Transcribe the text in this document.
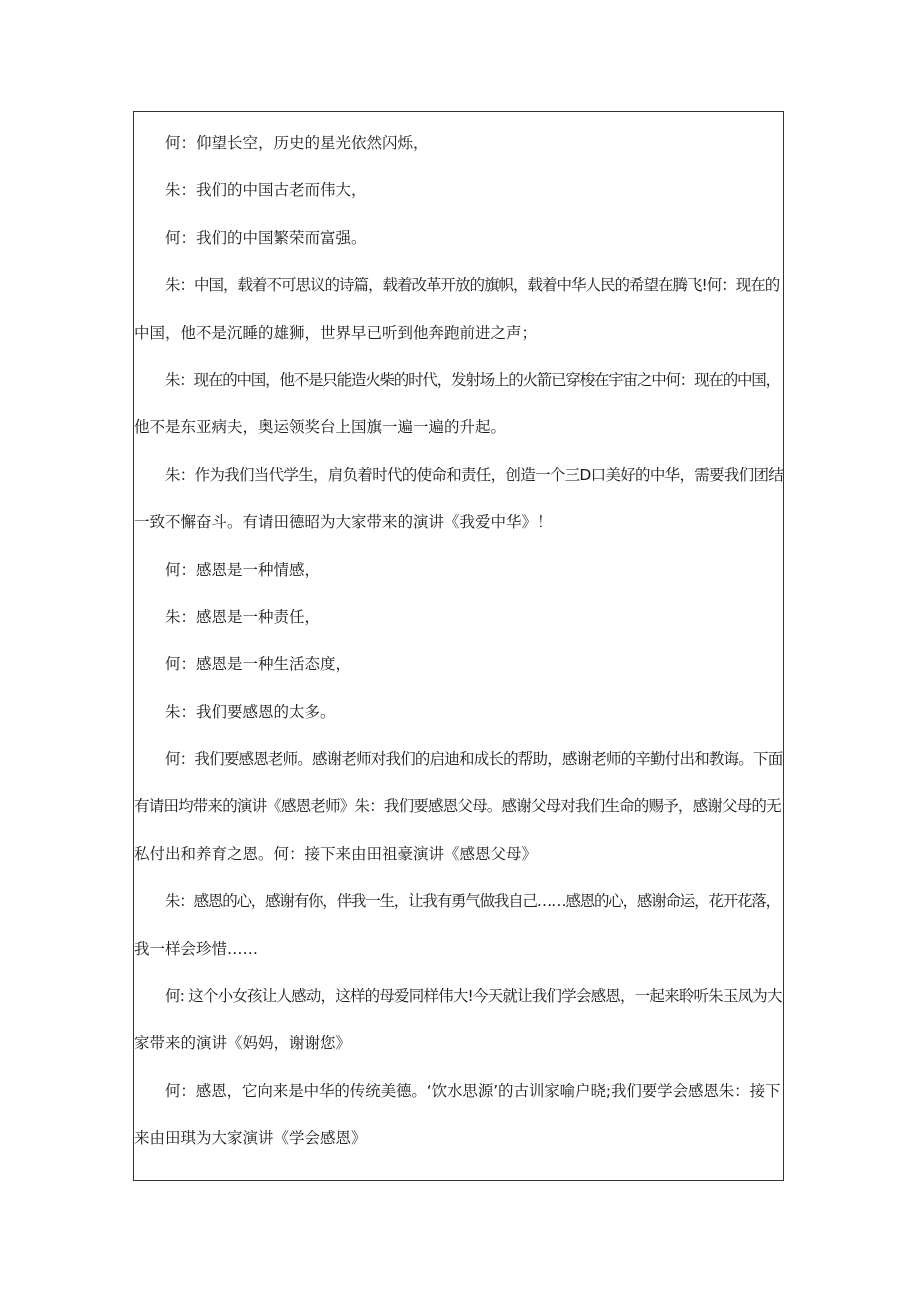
何：仰望长空，历史的星光依然闪烁，

朱：我们的中国古老而伟大，

何：我们的中国繁荣而富强。

朱：中国，载着不可思议的诗篇，载着改革开放的旗帜，载着中华人民的希望在腾飞!何：现在的

中国，他不是沉睡的雄狮，世界早已听到他奔跑前进之声；

朱：现在的中国，他不是只能造火柴的时代，发射场上的火箭已穿梭在宇宙之中何：现在的中国，

他不是东亚病夫，奥运领奖台上国旗一遍一遍的升起。

朱：作为我们当代学生，肩负着时代的使命和责任，创造一个三D口美好的中华，需要我们团结

一致不懈奋斗。有请田德昭为大家带来的演讲《我爱中华》！

何：感恩是一种情感，

朱：感恩是一种责任，

何：感恩是一种生活态度，

朱：我们要感恩的太多。

何：我们要感恩老师。感谢老师对我们的启迪和成长的帮助，感谢老师的辛勤付出和教诲。下面

有请田均带来的演讲《感恩老师》朱：我们要感恩父母。感谢父母对我们生命的赐予，感谢父母的无

私付出和养育之恩。何：接下来由田祖豪演讲《感恩父母》

朱：感恩的心，感谢有你，伴我一生，让我有勇气做我自己……感恩的心，感谢命运，花开花落，

我一样会珍惜……

何: 这个小女孩让人感动，这样的母爱同样伟大!今天就让我们学会感恩，一起来聆听朱玉凤为大

家带来的演讲《妈妈，谢谢您》

何：感恩，它向来是中华的传统美德。‘饮水思源’的古训家喻户晓;我们要学会感恩朱：接下

来由田琪为大家演讲《学会感恩》
